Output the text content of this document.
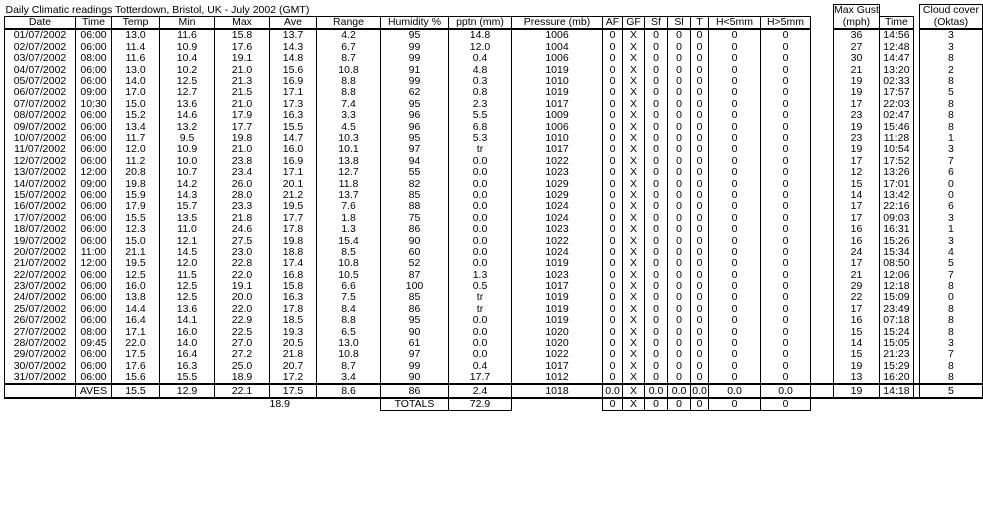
Daily Climatic readings Totterdown, Bristol, UK - July 2002 (GMT)																		Max Gust			Cloud cover
Date	Time	Temp	Min	Max	Ave	Range	Humidity %	pptn (mm)	Pressure (mb)	AF	GF	Sf	Sl	T	H<5mm	H>5mm		(mph)	Time		(Oktas)
01/07/2002	06:00	13.0	11.6	15.8	13.7	4.2	95	14.8	1006	0	X	0	0	0	0	0		36	14:56		3
02/07/2002	06:00	11.4	10.9	17.6	14.3	6.7	99	12.0	1004	0	X	0	0	0	0	0		27	12:48		3
03/07/2002	08:00	11.6	10.4	19.1	14.8	8.7	99	0.4	1006	0	X	0	0	0	0	0		30	14:47		8
04/07/2002	06:00	13.0	10.2	21.0	15.6	10.8	91	4.8	1019	0	X	0	0	0	0	0		21	13:20		2
05/07/2002	06:00	14.0	12.5	21.3	16.9	8.8	99	0.3	1010	0	X	0	0	0	0	0		19	02:33		8
06/07/2002	09:00	17.0	12.7	21.5	17.1	8.8	62	0.8	1019	0	X	0	0	0	0	0		19	17:57		5
07/07/2002	10:30	15.0	13.6	21.0	17.3	7.4	95	2.3	1017	0	X	0	0	0	0	0		17	22:03		8
08/07/2002	06:00	15.2	14.6	17.9	16.3	3.3	96	5.5	1009	0	X	0	0	0	0	0		23	02:47		8
09/07/2002	06:00	13.4	13.2	17.7	15.5	4.5	96	6.8	1006	0	X	0	0	0	0	0		19	15:46		8
10/07/2002	06:00	11.7	9.5	19.8	14.7	10.3	95	5.3	1010	0	X	0	0	0	0	0		23	11:28		1
11/07/2002	06:00	12.0	10.9	21.0	16.0	10.1	97	tr	1017	0	X	0	0	0	0	0		19	10:54		3
12/07/2002	06:00	11.2	10.0	23.8	16.9	13.8	94	0.0	1022	0	X	0	0	0	0	0		17	17:52		7
13/07/2002	12:00	20.8	10.7	23.4	17.1	12.7	55	0.0	1023	0	X	0	0	0	0	0		12	13:26		6
14/07/2002	09:00	19.8	14.2	26.0	20.1	11.8	82	0.0	1029	0	X	0	0	0	0	0		15	17:01		0
15/07/2002	06:00	15.9	14.3	28.0	21.2	13.7	85	0.0	1029	0	X	0	0	0	0	0		14	13:42		0
16/07/2002	06:00	17.9	15.7	23.3	19.5	7.6	88	0.0	1024	0	X	0	0	0	0	0		17	22:16		6
17/07/2002	06:00	15.5	13.5	21.8	17.7	1.8	75	0.0	1024	0	X	0	0	0	0	0		17	09:03		3
18/07/2002	06:00	12.3	11.0	24.6	17.8	1.3	86	0.0	1023	0	X	0	0	0	0	0		16	16:31		1
19/07/2002	06:00	15.0	12.1	27.5	19.8	15.4	90	0.0	1022	0	X	0	0	0	0	0		16	15:26		3
20/07/2002	11:00	21.1	14.5	23.0	18.8	8.5	60	0.0	1024	0	X	0	0	0	0	0		24	15:34		4
21/07/2002	12:00	19.5	12.0	22.8	17.4	10.8	52	0.0	1019	0	X	0	0	0	0	0		17	08:50		5
22/07/2002	06:00	12.5	11.5	22.0	16.8	10.5	87	1.3	1023	0	X	0	0	0	0	0		21	12:06		7
23/07/2002	06:00	16.0	12.5	19.1	15.8	6.6	100	0.5	1017	0	X	0	0	0	0	0		29	12:18		8
24/07/2002	06:00	13.8	12.5	20.0	16.3	7.5	85	tr	1019	0	X	0	0	0	0	0		22	15:09		0
25/07/2002	06:00	14.4	13.6	22.0	17.8	8.4	86	tr	1019	0	X	0	0	0	0	0		17	23:49		8
26/07/2002	06:00	16.4	14.1	22.9	18.5	8.8	95	0.0	1019	0	X	0	0	0	0	0		16	07:18		8
27/07/2002	08:00	17.1	16.0	22.5	19.3	6.5	90	0.0	1020	0	X	0	0	0	0	0		15	15:24		8
28/07/2002	09:45	22.0	14.0	27.0	20.5	13.0	61	0.0	1020	0	X	0	0	0	0	0		14	15:05		3
29/07/2002	06:00	17.5	16.4	27.2	21.8	10.8	97	0.0	1022	0	X	0	0	0	0	0		15	21:23		7
30/07/2002	06:00	17.6	16.3	25.0	20.7	8.7	99	0.4	1017	0	X	0	0	0	0	0		19	15:29		8
31/07/2002	06:00	15.6	15.5	18.9	17.2	3.4	90	17.7	1012	0	X	0	0	0	0	0		13	16:20		8
	AVES	15.5	12.9	22.1	17.5	8.6	86	2.4	1018	0.0	X	0.0	0.0	0.0	0.0	0.0		19	14:18		5
					18.9		TOTALS	72.9		0	X	0	0	0	0	0					
